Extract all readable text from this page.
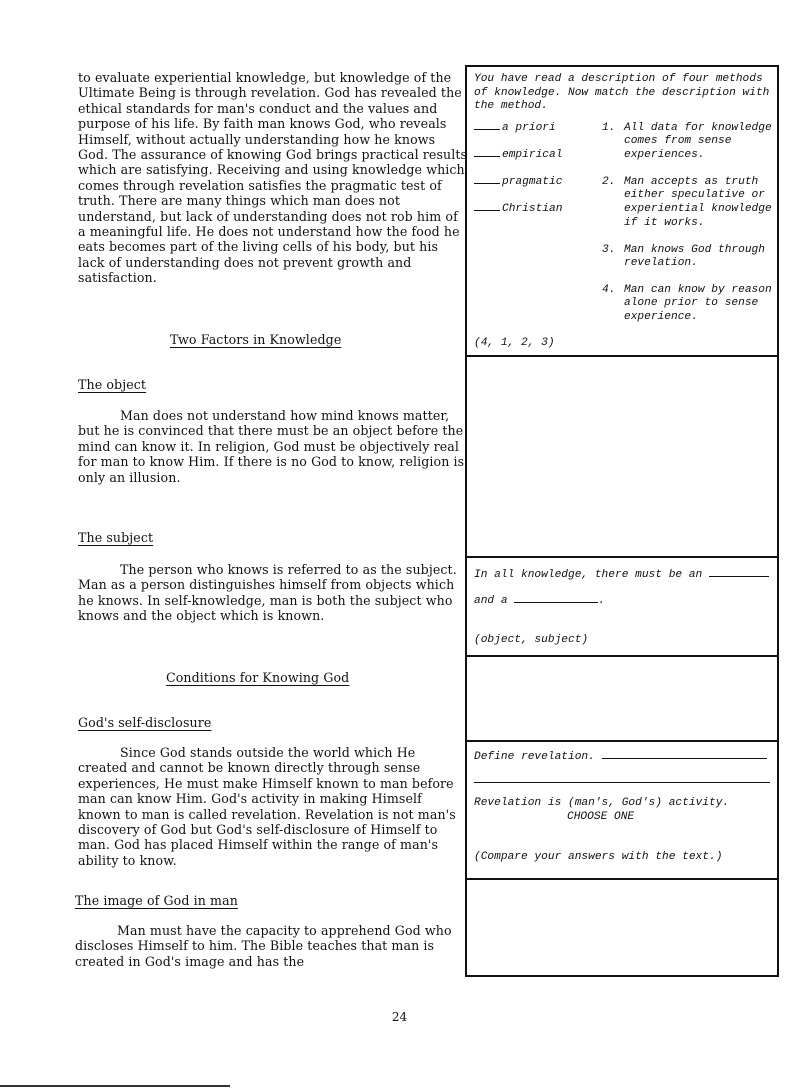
to evaluate experiential knowledge, but knowledge of the Ultimate Being is through revelation. God has revealed the ethical standards for man's conduct and the values and purpose of his life. By faith man knows God, who reveals Himself, without actually understanding how he knows God. The assurance of knowing God brings practical results which are satisfying. Receiving and using knowledge which comes through revelation satisfies the pragmatic test of truth. There are many things which man does not understand, but lack of understanding does not rob him of a meaningful life. He does not understand how the food he eats becomes part of the living cells of his body, but his lack of understanding does not prevent growth and satisfaction.

Two Factors in Knowledge
The object

Man does not understand how mind knows matter, but he is convinced that there must be an object before the mind can know it. In religion, God must be objectively real for man to know Him. If there is no God to know, religion is only an illusion.

The subject

The person who knows is referred to as the subject. Man as a person distinguishes himself from objects which he knows. In self-knowledge, man is both the subject who knows and the object which is known.

Conditions for Knowing God
God's self-disclosure

Since God stands outside the world which He created and cannot be known directly through sense experiences, He must make Himself known to man before man can know Him. God's activity in making Himself known to man is called revelation. Revelation is not man's discovery of God but God's self-disclosure of Himself to man. God has placed Himself within the range of man's ability to know.

The image of God in man

Man must have the capacity to apprehend God who discloses Himself to him. The Bible teaches that man is created in God's image and has the

You have read a description of four methods of knowledge. Now match the description with the method.
a priori
empirical
pragmatic
Christian
1. All data for knowledge comes from sense experiences.
2. Man accepts as truth either speculative or experiential knowledge if it works.
3. Man knows God through revelation.
4. Man can know by reason alone prior to sense experience.
(4, 1, 2, 3)
In all knowledge, there must be an
and a	.
(object, subject)
Define revelation.
Revelation is (man's, God's) activity.
CHOOSE ONE
(Compare your answers with the text.)
24
